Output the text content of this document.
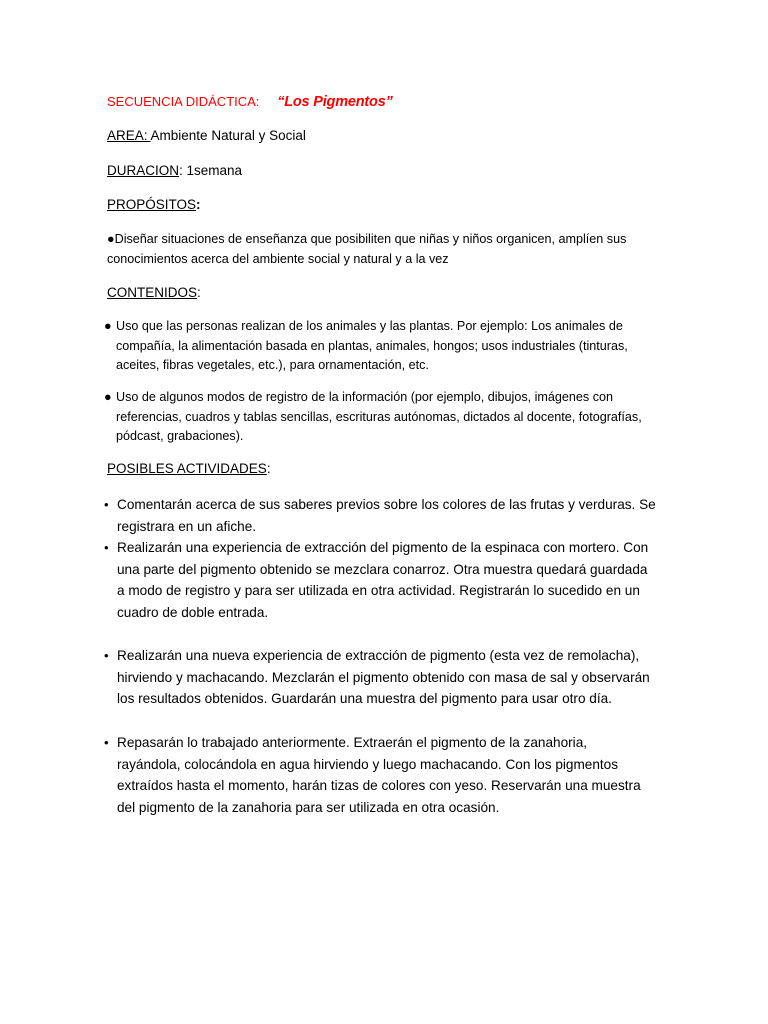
SECUENCIA DIDÁCTICA: “Los Pigmentos”
AREA: Ambiente Natural y Social
DURACION: 1semana
PROPÓSITOS:
●Diseñar situaciones de enseñanza que posibiliten que niñas y niños organicen, amplíen sus
conocimientos acerca del ambiente social y natural y a la vez
CONTENIDOS:
● Uso que las personas realizan de los animales y las plantas. Por ejemplo: Los animales de
compañía, la alimentación basada en plantas, animales, hongos; usos industriales (tinturas,
aceites, fibras vegetales, etc.), para ornamentación, etc.
● Uso de algunos modos de registro de la información (por ejemplo, dibujos, imágenes con
referencias, cuadros y tablas sencillas, escrituras autónomas, dictados al docente, fotografías,
pódcast, grabaciones).
POSIBLES ACTIVIDADES:
• Comentarán acerca de sus saberes previos sobre los colores de las frutas y verduras. Se
registrara en un afiche.
• Realizarán una experiencia de extracción del pigmento de la espinaca con mortero. Con
una parte del pigmento obtenido se mezclara conarroz. Otra muestra quedará guardada
a modo de registro y para ser utilizada en otra actividad. Registrarán lo sucedido en un
cuadro de doble entrada.
• Realizarán una nueva experiencia de extracción de pigmento (esta vez de remolacha),
hirviendo y machacando. Mezclarán el pigmento obtenido con masa de sal y observarán
los resultados obtenidos. Guardarán una muestra del pigmento para usar otro día.
• Repasarán lo trabajado anteriormente. Extraerán el pigmento de la zanahoria,
rayándola, colocándola en agua hirviendo y luego machacando. Con los pigmentos
extraídos hasta el momento, harán tizas de colores con yeso. Reservarán una muestra
del pigmento de la zanahoria para ser utilizada en otra ocasión.
